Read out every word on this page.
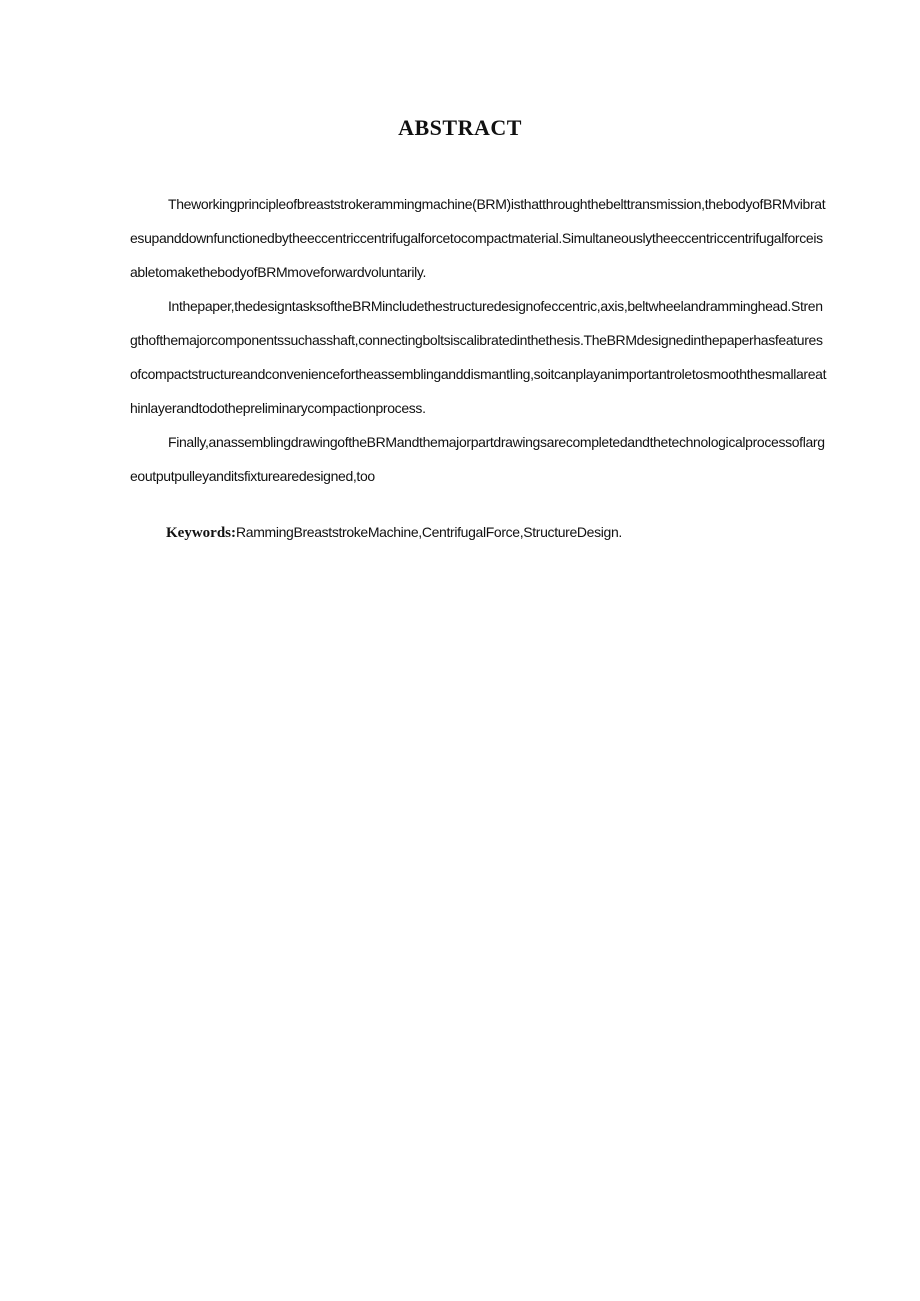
ABSTRACT

Theworkingprincipleofbreaststrokerammingmachine(BRM)isthatthroughthebelttransmission,thebodyofBRMvibratesupanddownfunctionedbytheeccentriccentrifugalforcetocompactmaterial.SimultaneouslytheeccentriccentrifugalforceisabletomakethebodyofBRMmoveforwardvoluntarily.

Inthepaper,thedesigntasksoftheBRMincludethestructuredesignofeccentric,axis,beltwheelandramminghead.Strengthofthemajorcomponentssuchasshaft,connectingboltsiscalibratedinthethesis.TheBRMdesignedinthepaperhasfeaturesofcompactstructureandconveniencefortheassemblinganddismantling,soitcanplayanimportantroletosmooththesmallareathinlayerandtodothepreliminarycompactionprocess.

Finally,anassemblingdrawingoftheBRMandthemajorpartdrawingsarecompletedandthetechnologicalprocessoflargeoutputpulleyanditsfixturearedesigned,too

Keywords:RammingBreaststrokeMachine,CentrifugalForce,StructureDesign.
